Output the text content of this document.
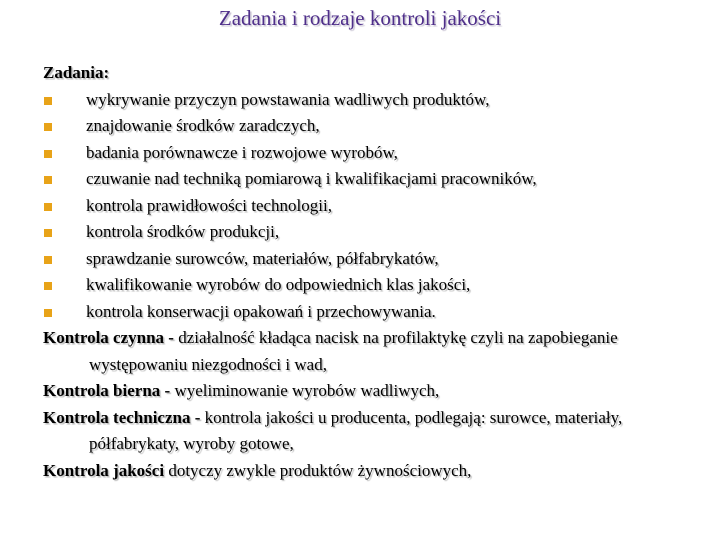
Zadania i rodzaje kontroli jakości
Zadania:
wykrywanie przyczyn powstawania wadliwych produktów,
znajdowanie środków zaradczych,
badania porównawcze i rozwojowe wyrobów,
czuwanie nad techniką pomiarową i kwalifikacjami pracowników,
kontrola prawidłowości technologii,
kontrola środków produkcji,
sprawdzanie surowców, materiałów, półfabrykatów,
kwalifikowanie wyrobów do odpowiednich klas jakości,
kontrola konserwacji opakowań i przechowywania.
Kontrola czynna - działalność kładąca nacisk na profilaktykę czyli na zapobieganie występowaniu niezgodności i wad,
Kontrola bierna - wyeliminowanie wyrobów wadliwych,
Kontrola techniczna - kontrola jakości u producenta, podlegają: surowce, materiały, półfabrykaty, wyroby gotowe,
Kontrola jakości dotyczy zwykle produktów żywnościowych,
